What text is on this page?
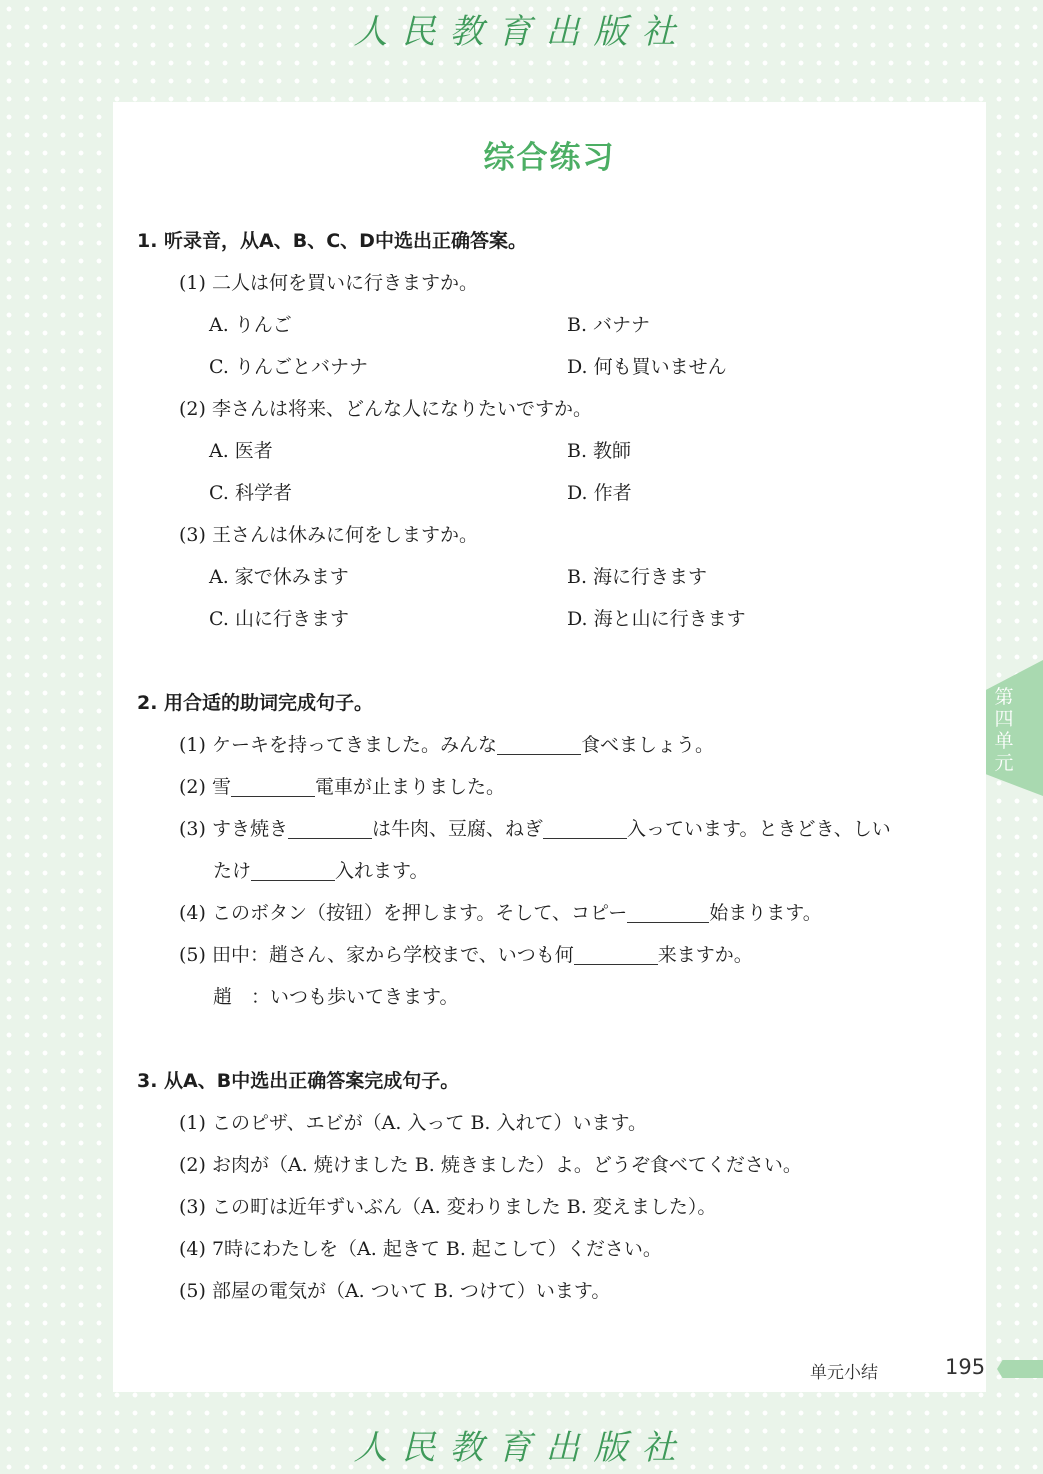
人民教育出版社
综合练习
1. 听录音，从A、B、C、D中选出正确答案。
(1) 二人は何を買いに行きますか。
A. りんご	B. バナナ
C. りんごとバナナ	D. 何も買いません
(2) 李さんは将来、どんな人になりたいですか。
A. 医者	B. 教師
C. 科学者	D. 作者
(3) 王さんは休みに何をしますか。
A. 家で休みます	B. 海に行きます
C. 山に行きます	D. 海と山に行きます
2. 用合适的助词完成句子。
(1) ケーキを持ってきました。みんな	食べましょう。
(2) 雪	電車が止まりました。
(3) すき焼き	は牛肉、豆腐、ねぎ	入っています。ときどき、しい
たけ	入れます。
(4) このボタン（按钮）を押します。そして、コピー	始まります。
(5) 田中：趙さん、家から学校まで、いつも何	来ますか。
趙　：いつも歩いてきます。
3. 从A、B中选出正确答案完成句子。
(1) このピザ、エビが（A. 入って B. 入れて）います。
(2) お肉が（A. 焼けました B. 焼きました）よ。どうぞ食べてください。
(3) この町は近年ずいぶん（A. 変わりました B. 変えました）。
(4) 7時にわたしを（A. 起きて B. 起こして）ください。
(5) 部屋の電気が（A. ついて B. つけて）います。
第四单元
单元小结	195
人民教育出版社
